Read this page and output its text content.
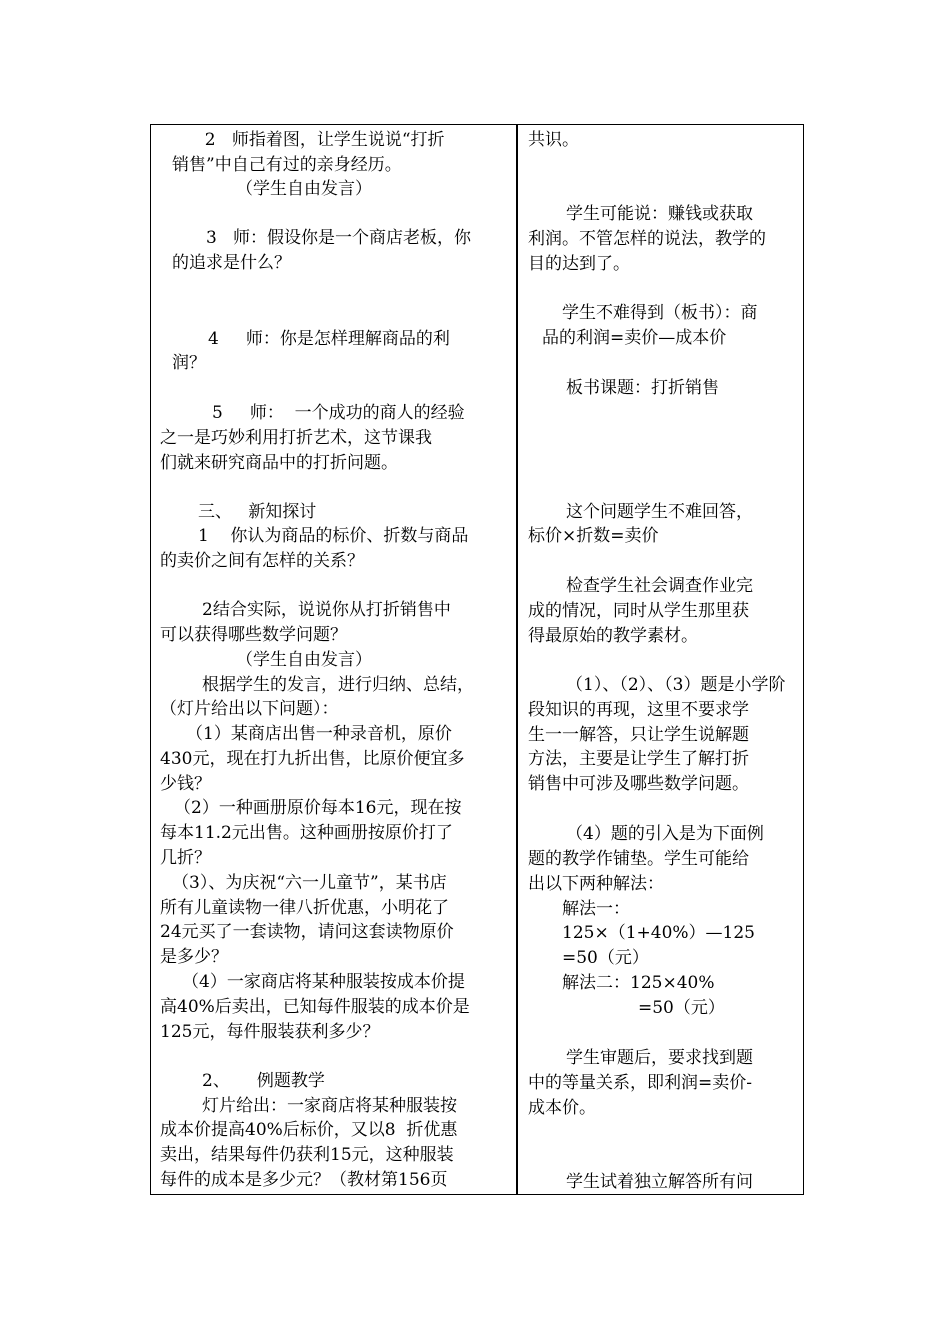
2   师指着图，让学生说说“打折
销售”中自己有过的亲身经历。
（学生自由发言）
3   师：假设你是一个商店老板，你
的追求是什么？
4     师：你是怎样理解商品的利
润？
5     师：  一个成功的商人的经验
之一是巧妙利用打折艺术，这节课我
们就来研究商品中的打折问题。
三、   新知探讨
1    你认为商品的标价、折数与商品
的卖价之间有怎样的关系？
2结合实际，说说你从打折销售中
可以获得哪些数学问题？
（学生自由发言）
根据学生的发言，进行归纳、总结，
（灯片给出以下问题）：
（1）某商店出售一种录音机，原价
430元，现在打九折出售，比原价便宜多
少钱？
（2）一种画册原价每本16元，现在按
每本11.2元出售。这种画册按原价打了
几折？
（3）、为庆祝“六一儿童节”，某书店
所有儿童读物一律八折优惠，小明花了
24元买了一套读物，请问这套读物原价
是多少？
（4）一家商店将某种服装按成本价提
高40%后卖出，已知每件服装的成本价是
125元，每件服装获利多少？
2、     例题教学
灯片给出：一家商店将某种服装按
成本价提高40%后标价，又以8  折优惠
卖出，结果每件仍获利15元，这种服装
每件的成本是多少元？（教材第156页
共识。
学生可能说：赚钱或获取
利润。不管怎样的说法，教学的
目的达到了。
学生不难得到（板书）：商
品的利润=卖价—成本价
板书课题：打折销售
这个问题学生不难回答，
标价×折数=卖价
检查学生社会调查作业完
成的情况，同时从学生那里获
得最原始的教学素材。
（1）、（2）、（3）题是小学阶
段知识的再现，这里不要求学
生一一解答，只让学生说解题
方法，主要是让学生了解打折
销售中可涉及哪些数学问题。
（4）题的引入是为下面例
题的教学作铺垫。学生可能给
出以下两种解法：
解法一：
125×（1+40%）—125
=50（元）
解法二：125×40%
=50（元）
学生审题后，要求找到题
中的等量关系，即利润=卖价-
成本价。
学生试着独立解答所有问
